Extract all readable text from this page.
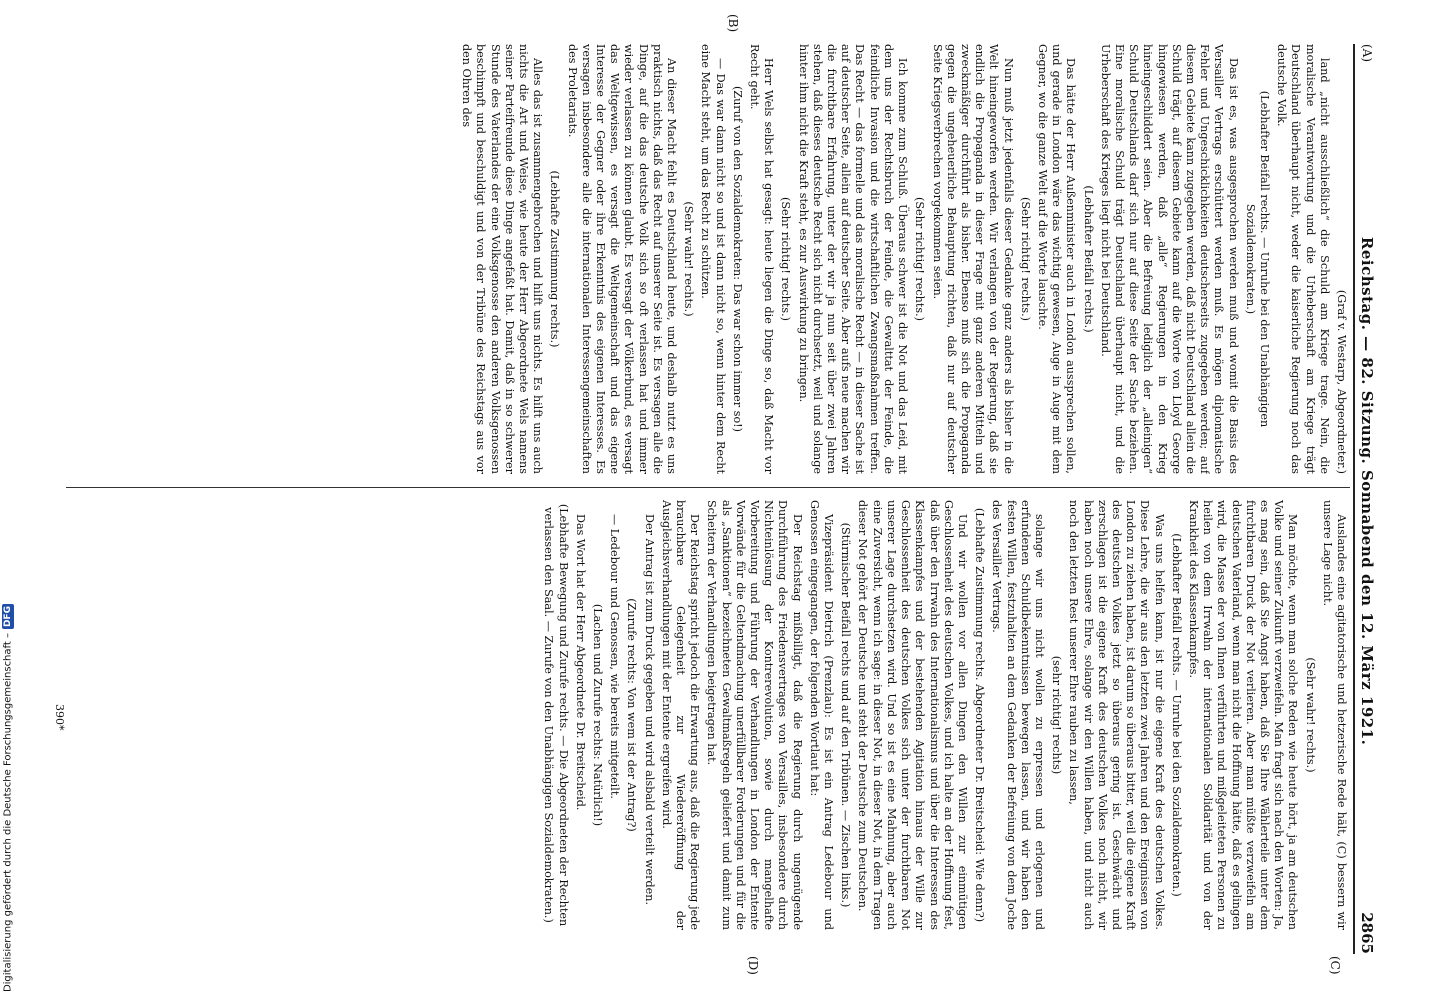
Digitalisierung gefördert durch die Deutsche Forschungsgemeinschaft –
DFG
(A)
Reichstag. — 82. Sitzung. Sonnabend den 12. März 1921.
2865
(B)
(C)
(D)

(Graf v. Westarp, Abgeordneter.)

land „nicht ausschließlich“ die Schuld am Kriege trage. Nein, die moralische Verantwortung und die Urheberschaft am Kriege trägt Deutschland überhaupt nicht, weder die kaiserliche Regierung noch das deutsche Volk.

(Lebhafter Beifall rechts. — Unruhe bei den Unabhängigen Sozialdemokraten.)

Das ist es, was ausgesprochen werden muß und womit die Basis des Versailler Vertrags erschüttert werden muß. Es mögen diplomatische Fehler und Ungeschicklichkeiten deutscherseits zugegeben werden; auf diesem Gebiete kann zugegeben werden, daß nicht Deutschland allein die Schuld trägt, auf diesem Gebiete kann auf die Worte von Lloyd George hingewiesen werden, daß „alle“ Regierungen in den Krieg hineingeschliddert seien. Aber die Befreiung lediglich der „alleinigen“ Schuld Deutschlands darf sich nur auf diese Seite der Sache beziehen. Eine moralische Schuld trägt Deutschland überhaupt nicht, und die Urheberschaft des Krieges liegt nicht bei Deutschland.

(Lebhafter Beifall rechts.)

Das hätte der Herr Außenminister auch in London aussprechen sollen, und gerade in London wäre das wichtig gewesen, Auge in Auge mit dem Gegner, wo die ganze Welt auf die Worte lauschte.

(Sehr richtig! rechts.)

Nun muß jetzt jedenfalls dieser Gedanke ganz anders als bisher in die Welt hineingeworfen werden. Wir verlangen von der Regierung, daß sie endlich die Propaganda in dieser Frage mit ganz anderen Mitteln und zweckmäßiger durchführt als bisher. Ebenso muß sich die Propaganda gegen die ungeheuerliche Behauptung richten, daß nur auf deutscher Seite Kriegsverbrechen vorgekommen seien.

(Sehr richtig! rechts.)

Ich komme zum Schluß. Überaus schwer ist die Not und das Leid, mit dem uns der Rechtsbruch der Feinde, die Gewalttat der Feinde, die feindliche Invasion und die wirtschaftlichen Zwangsmaßnahmen treffen. Das Recht — das formelle und das moralische Recht — in dieser Sache ist auf deutscher Seite, allein auf deutscher Seite. Aber aufs neue machen wir die furchtbare Erfahrung, unter der wir ja nun seit über zwei Jahren stehen, daß dieses deutsche Recht sich nicht durchsetzt, weil und solange hinter ihm nicht die Kraft steht, es zur Auswirkung zu bringen.

(Sehr richtig! rechts.)

Herr Wels selbst hat gesagt: heute liegen die Dinge so, daß Macht vor Recht geht.

(Zuruf von den Sozialdemokraten: Das war schon immer so!)

— Das war dann nicht so und ist dann nicht so, wenn hinter dem Recht eine Macht steht, um das Recht zu schützen.

(Sehr wahr! rechts.)

An dieser Macht fehlt es Deutschland heute, und deshalb nutzt es uns praktisch nichts, daß das Recht auf unserer Seite ist. Es versagen alle die Dinge, auf die das deutsche Volk sich so oft verlassen hat und immer wieder verlassen zu können glaubt. Es versagt der Völkerbund, es versagt das Weltgewissen, es versagt die Weltgemeinschaft und das eigene Interesse der Gegner oder ihre Erkenntnis des eigenen Interesses. Es versagen insbesondere alle die internationalen Interessengemeinschaften des Proletariats.

(Lebhafte Zustimmung rechts.)

Alles das ist zusammengebrochen und hilft uns nichts. Es hilft uns auch nichts die Art und Weise, wie heute der Herr Abgeordnete Wels namens seiner Parteifreunde diese Dinge angefaßt hat. Damit, daß in so schwerer Stunde des Vaterlandes der eine Volksgenosse den anderen Volksgenossen beschimpft und beschuldigt und von der Tribüne des Reichstags aus vor den Ohren des

Auslandes eine agitatorische und hetzerische Rede hält, (C) bessern wir unsere Lage nicht.

(Sehr wahr! rechts.)

Man möchte, wenn man solche Reden wie heute hört, ja am deutschen Volke und seiner Zukunft verzweifeln. Man fragt sich nach den Worten: Ja, es mag sein, daß Sie Angst haben, daß Sie Ihre Wählerteile unter dem furchtbaren Druck der Not verlieren. Aber man müßte verzweifeln am deutschen Vaterland, wenn man nicht die Hoffnung hätte, daß es gelingen wird, die Masse der von Ihnen verführten und mißgeleiteten Personen zu heilen von dem Irrwahn der internationalen Solidarität und von der Krankheit des Klassenkampfes.

(Lebhafter Beifall rechts. — Unruhe bei den Sozialdemokraten.)

Was uns helfen kann, ist nur die eigene Kraft des deutschen Volkes. Diese Lehre, die wir aus den letzten zwei Jahren und den Ereignissen von London zu ziehen haben, ist darum so überaus bitter, weil die eigene Kraft des deutschen Volkes jetzt so überaus gering ist. Geschwächt und zerschlagen ist die eigene Kraft des deutschen Volkes noch nicht, wir haben noch unsere Ehre, solange wir den Willen haben, und nicht auch noch den letzten Rest unserer Ehre rauben zu lassen,

(sehr richtig! rechts)

solange wir uns nicht wollen zu erpressen und erlogenen und erfundenen Schuldbekenntnissen bewegen lassen, und wir haben den festen Willen, festzuhalten an dem Gedanken der Befreiung von dem Joche des Versailler Vertrags.

(Lebhafte Zustimmung rechts. Abgeordneter Dr. Breitscheid: Wie denn?)

Und wir wollen vor allen Dingen den Willen zur einmütigen Geschlossenheit des deutschen Volkes, und ich halte an der Hoffnung fest, daß über den Irrwahn des Internationalismus und über die Interessen des Klassenkampfes und der bestehenden Agitation hinaus der Wille zur Geschlossenheit des deutschen Volkes sich unter der furchtbaren Not unserer Lage durchsetzen wird. Und so ist es eine Mahnung, aber auch eine Zuversicht, wenn ich sage: in dieser Not, in dieser Not, in dem Tragen dieser Not gehört der Deutsche und steht der Deutsche zum Deutschen.

(Stürmischer Beifall rechts und auf den Tribünen. — Zischen links.)

Vizepräsident Dietrich (Prenzlau): Es ist ein Antrag Ledebour und Genossen eingegangen, der folgenden Wortlaut hat:

Der Reichstag mißbilligt, daß die Regierung durch ungenügende Durchführung des Friedensvertrages von Versailles, insbesondere durch Nichteinlösung der Kontrerevolution, sowie durch mangelhafte Vorbereitung und Führung der Verhandlungen in London der Entente Vorwände für die Geltendmachung unerfüllbarer Forderungen und für die als „Sanktionen“ bezeichneten Gewaltmaßregeln geliefert und damit zum Scheitern der Verhandlungen beigetragen hat.

Der Reichstag spricht jedoch die Erwartung aus, daß die Regierung jede brauchbare Gelegenheit zur Wiedereröffnung der Ausgleichsverhandlungen mit der Entente ergreifen wird.

Der Antrag ist zum Druck gegeben und wird alsbald verteilt werden.

(Zurufe rechts: Von wem ist der Antrag?)

— Ledebour und Genossen, wie bereits mitgeteilt.

(Lachen und Zurufe rechts: Natürlich!)

Das Wort hat der Herr Abgeordnete Dr. Breitscheid.

(Lebhafte Bewegung und Zurufe rechts. — Die Abgeordneten der Rechten verlassen den Saal. — Zurufe von den Unabhängigen Sozialdemokraten.)

390*
